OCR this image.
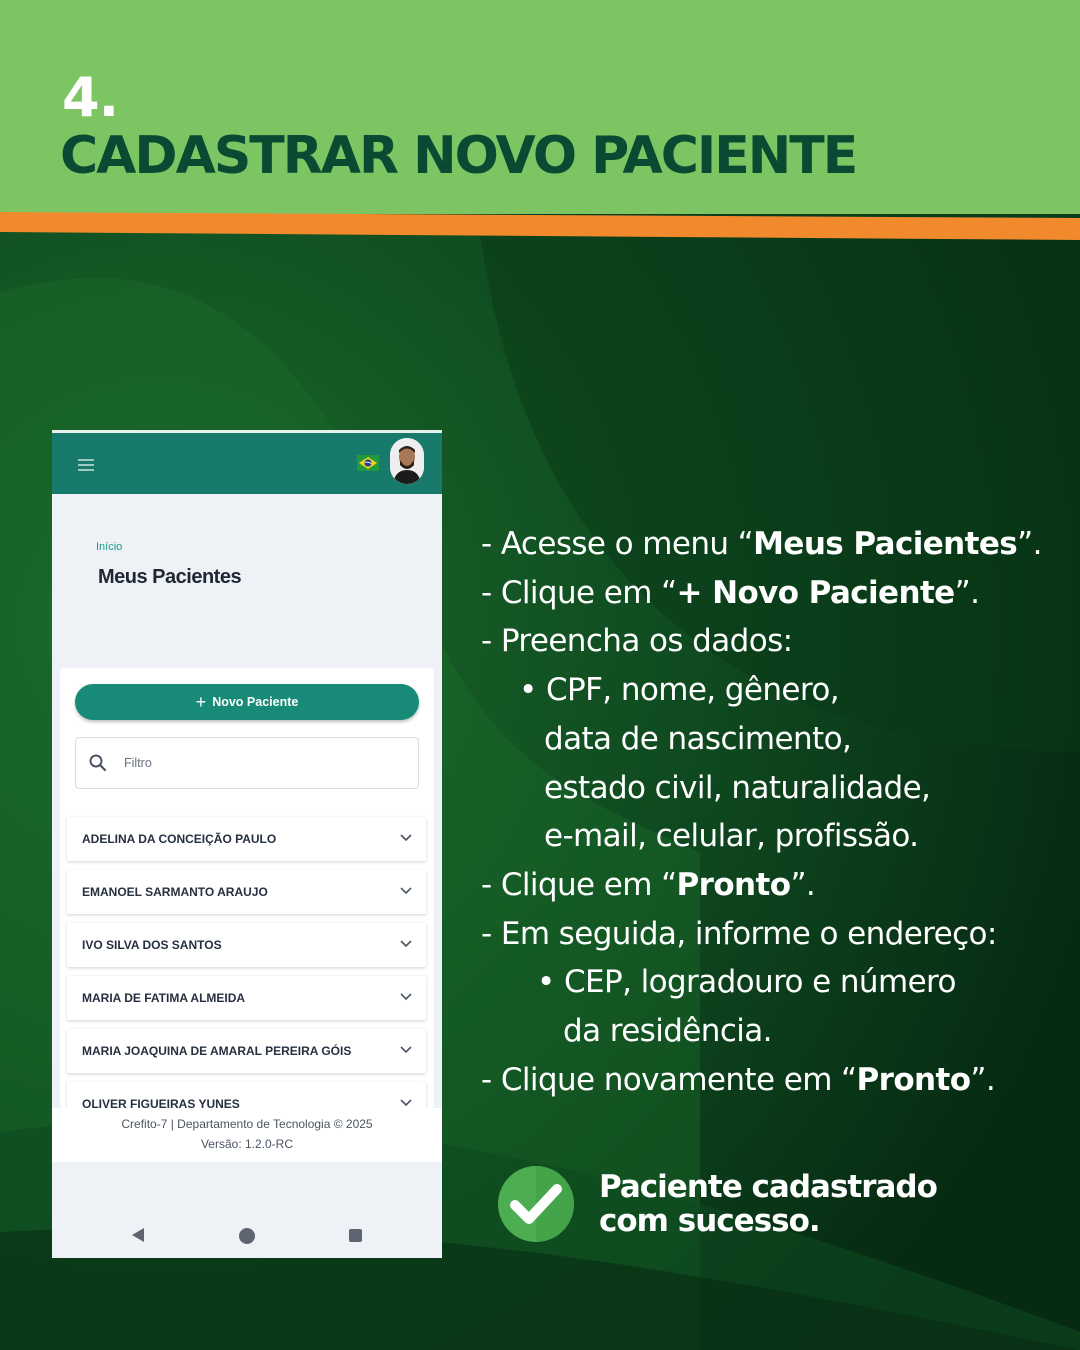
4.
CADASTRAR NOVO PACIENTE
Início
Meus Pacientes
+ Novo Paciente
Filtro
ADELINA DA CONCEIÇÃO PAULO
EMANOEL SARMANTO ARAUJO
IVO SILVA DOS SANTOS
MARIA DE FATIMA ALMEIDA
MARIA JOAQUINA DE AMARAL PEREIRA GÓIS
OLIVER FIGUEIRAS YUNES
Crefito-7 | Departamento de Tecnologia © 2025
Versão: 1.2.0-RC
- Acesse o menu “Meus Pacientes”.
- Clique em “+ Novo Paciente”.
- Preencha os dados:
• CPF, nome, gênero,
data de nascimento,
estado civil, naturalidade,
e-mail, celular, profissão.
- Clique em “Pronto”.
- Em seguida, informe o endereço:
• CEP, logradouro e número
da residência.
- Clique novamente em “Pronto”.
Paciente cadastrado
com sucesso.
